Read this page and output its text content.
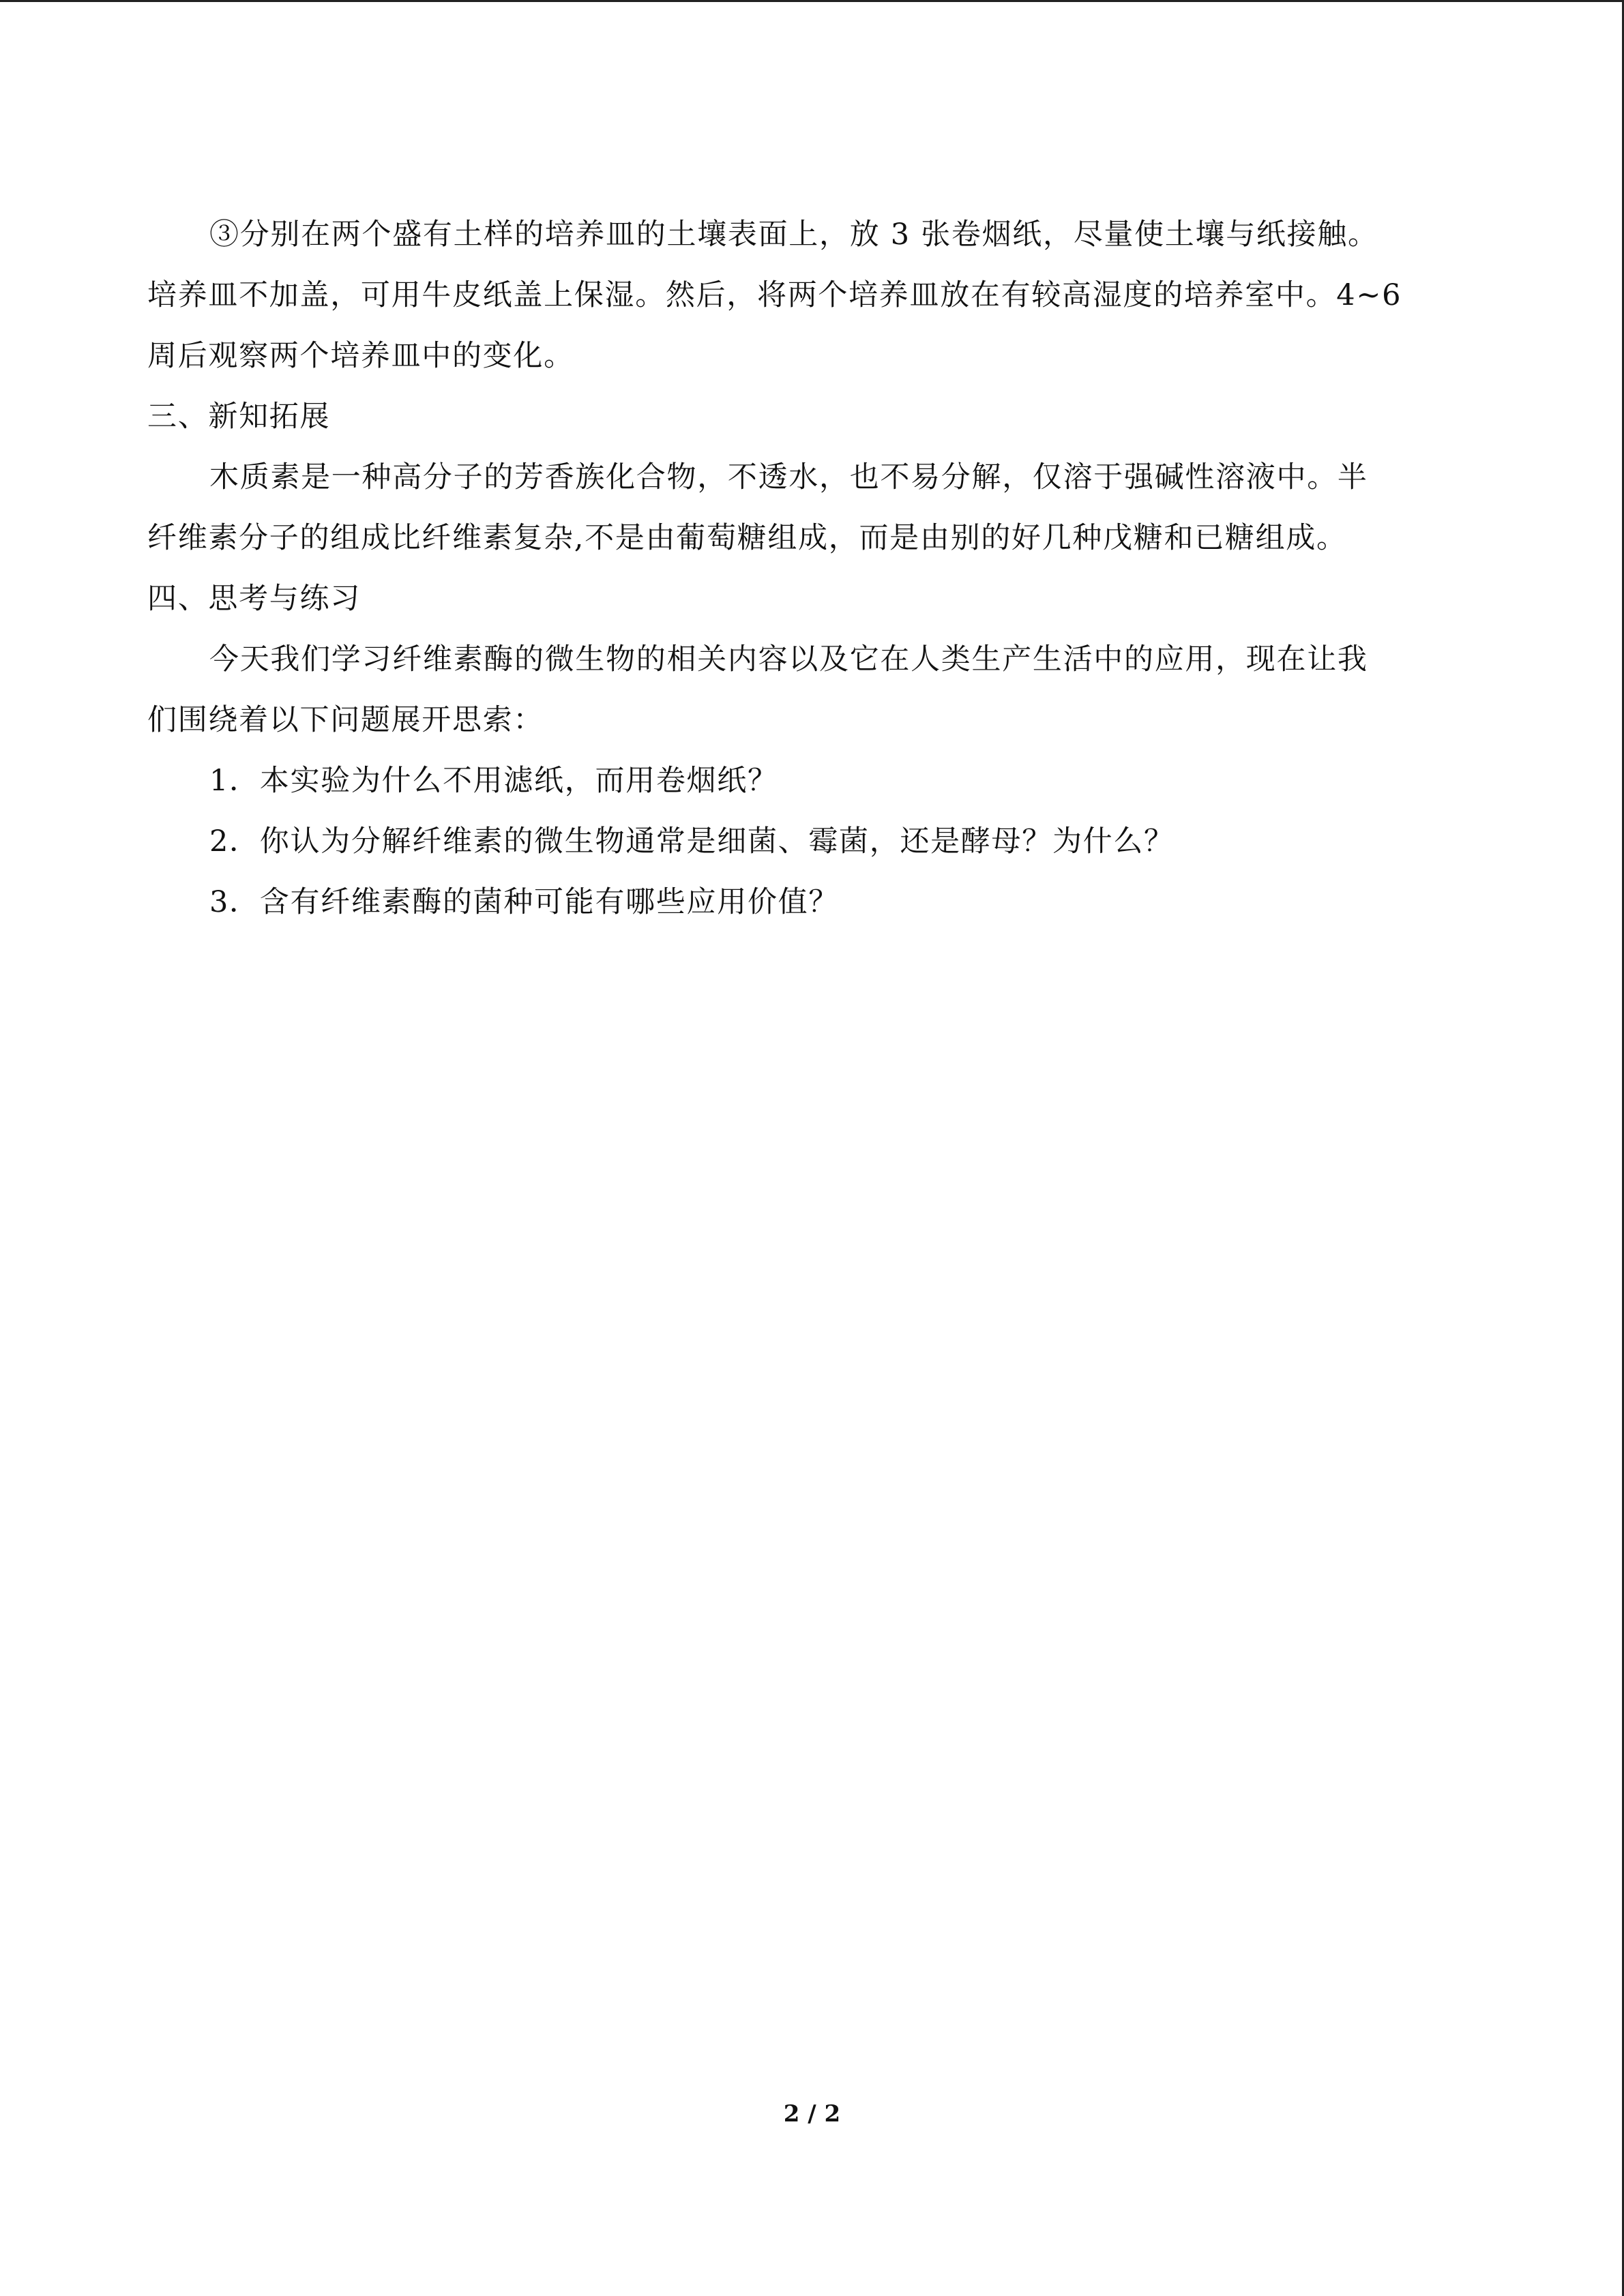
③分别在两个盛有土样的培养皿的土壤表面上，放 3 张卷烟纸，尽量使土壤与纸接触。
培养皿不加盖，可用牛皮纸盖上保湿。然后，将两个培养皿放在有较高湿度的培养室中。4~6
周后观察两个培养皿中的变化。
三、新知拓展
木质素是一种高分子的芳香族化合物，不透水，也不易分解，仅溶于强碱性溶液中。半
纤维素分子的组成比纤维素复杂,不是由葡萄糖组成，而是由别的好几种戊糖和已糖组成。
四、思考与练习
今天我们学习纤维素酶的微生物的相关内容以及它在人类生产生活中的应用，现在让我
们围绕着以下问题展开思索：
1．本实验为什么不用滤纸，而用卷烟纸？
2．你认为分解纤维素的微生物通常是细菌、霉菌，还是酵母？为什么？
3．含有纤维素酶的菌种可能有哪些应用价值？
2 / 2
